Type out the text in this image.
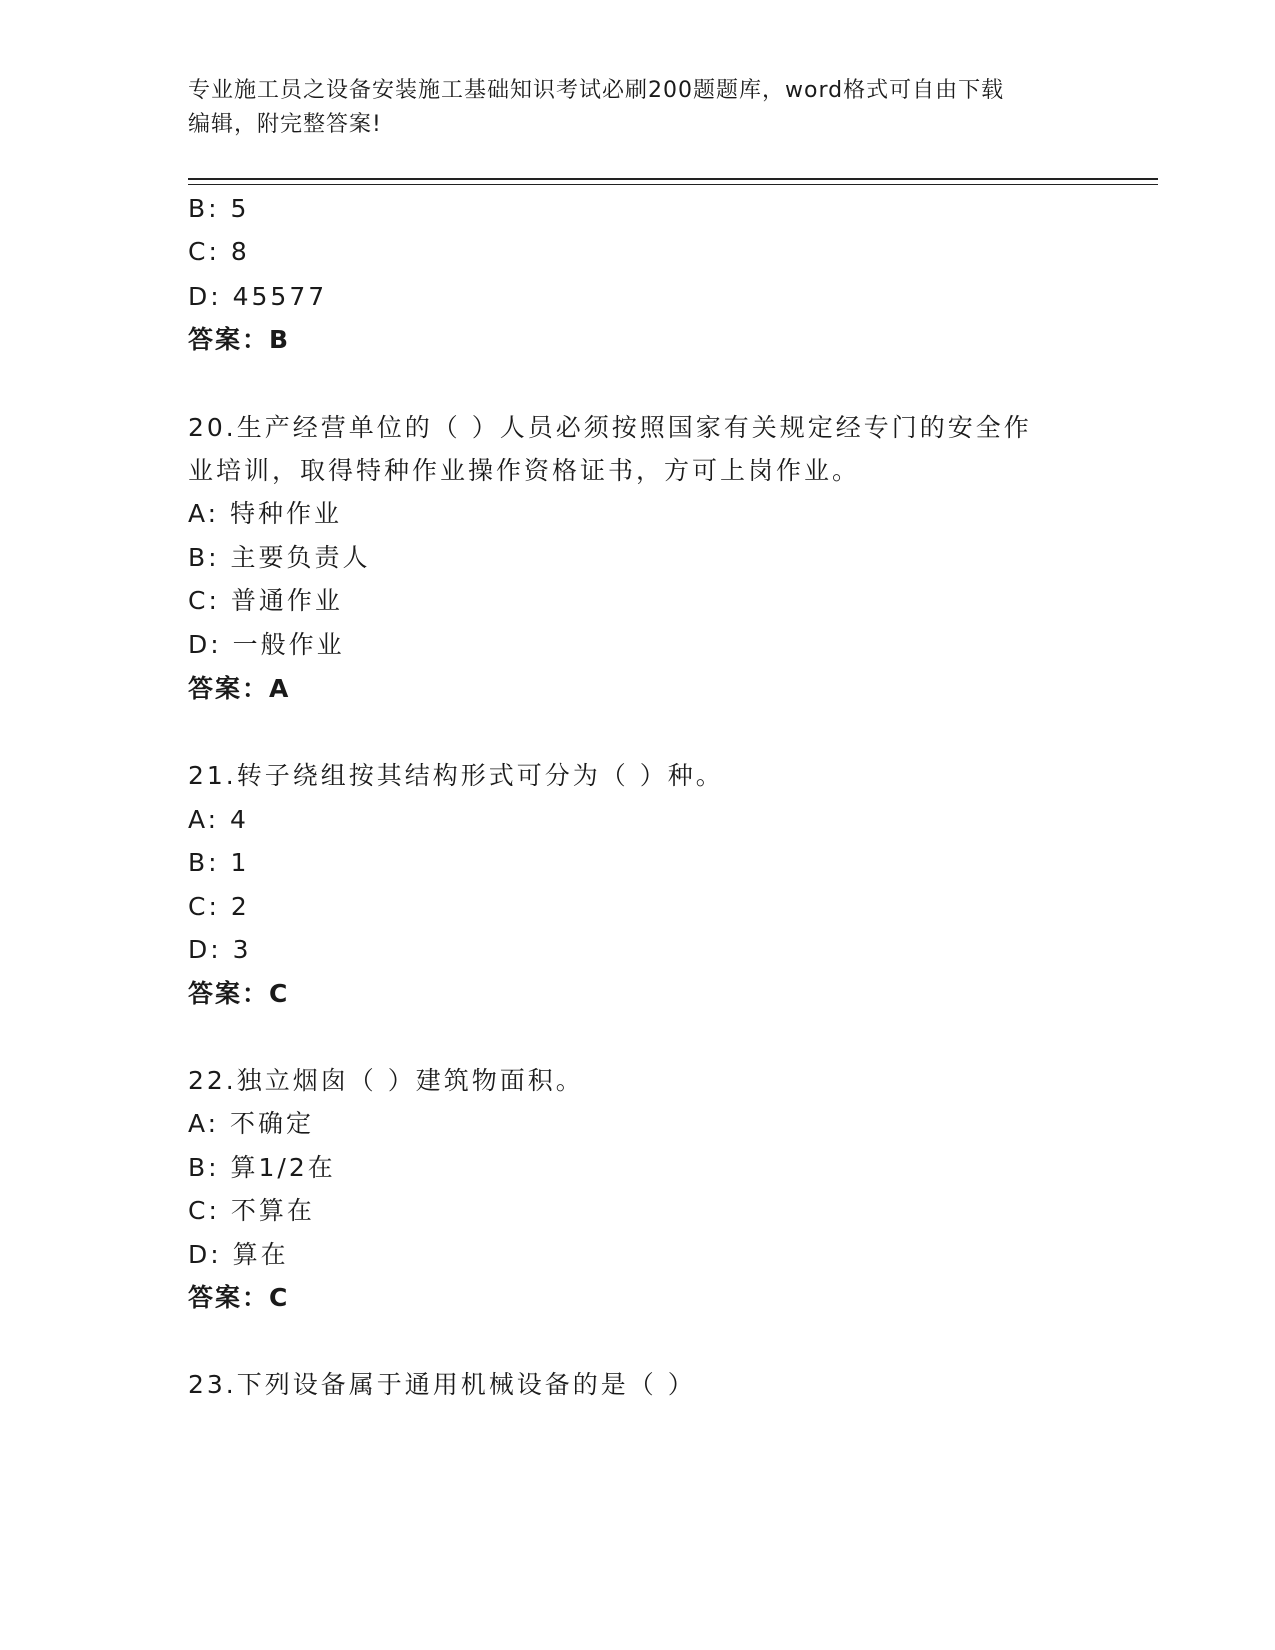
专业施工员之设备安装施工基础知识考试必刷200题题库，word格式可自由下载
编辑，附完整答案!
B: 5
C: 8
D: 45577
答案：B
20.生产经营单位的（ ）人员必须按照国家有关规定经专门的安全作
业培训，取得特种作业操作资格证书，方可上岗作业。
A: 特种作业
B: 主要负责人
C: 普通作业
D: 一般作业
答案：A
21.转子绕组按其结构形式可分为（ ）种。
A: 4
B: 1
C: 2
D: 3
答案：C
22.独立烟囱（ ）建筑物面积。
A: 不确定
B: 算1/2在
C: 不算在
D: 算在
答案：C
23.下列设备属于通用机械设备的是（ ）
